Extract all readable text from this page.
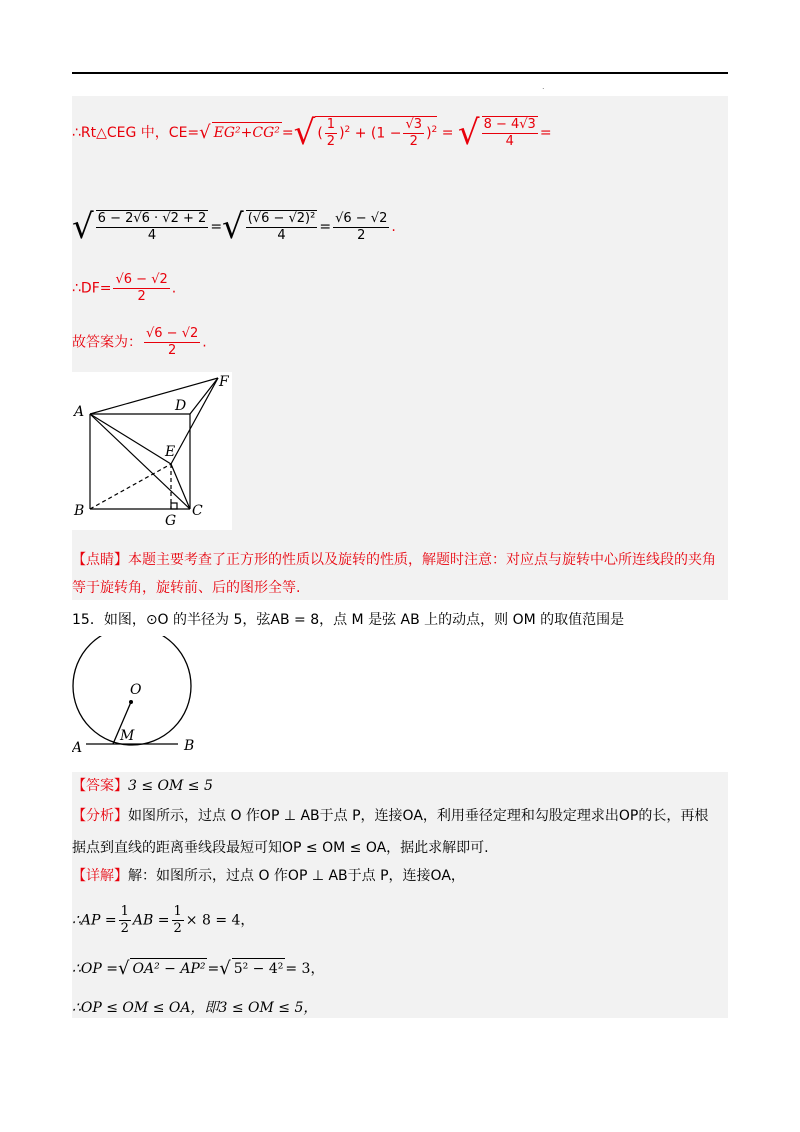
.
∴Rt△CEG 中，CE=√ EG²+CG² =√ ( $\frac{1}{2} )^2 + (1 - \frac{√3}{2} )^2$ = √ $\frac{8 - 4√3}{4}$ =
√ $\frac{6 - 2√6 \cdot √2 + 2}{4}$ =√ $\frac{\text{(√6 − √2)²}}{4} = \frac{√6 - √2}{2}$ .
∴DF= $\frac{√6 - √2}{2}$ .
故答案为： $\frac{√6 - √2}{2}$ .
A
B	C
D
E
F
G
【点睛】本题主要考查了正方形的性质以及旋转的性质，解题时注意：对应点与旋转中心所连线段的夹角
等于旋转角，旋转前、后的图形全等.
15．如图，⊙O 的半径为 5，弦AB = 8，点 M 是弦 AB 上的动点，则 OM 的取值范围是
O
M
A	B
【答案】3 ≤ OM ≤ 5
【分析】如图所示，过点 O 作OP ⊥ AB于点 P，连接OA，利用垂径定理和勾股定理求出OP的长，再根
据点到直线的距离垂线段最短可知OP ≤ OM ≤ OA，据此求解即可.
【详解】解：如图所示，过点 O 作OP ⊥ AB于点 P，连接OA，
∴AP = $\frac{1}{2}$ AB = $\frac{1}{2} \times 8 = 4$，
∴OP =√ OA² − AP² =√ 5² − 4² = 3，
∴OP ≤ OM ≤ OA，即3 ≤ OM ≤ 5，
